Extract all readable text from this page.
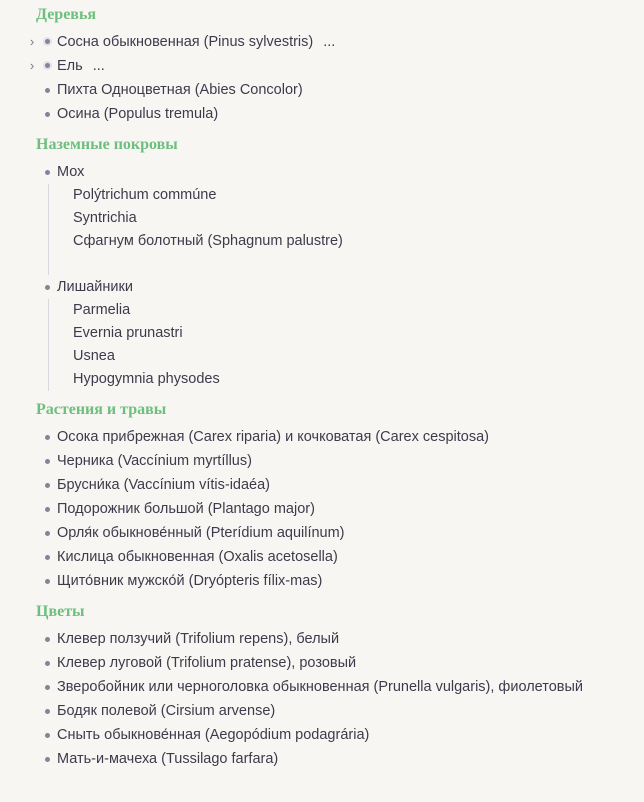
Деревья
› Сосна обыкновенная (Pinus sylvestris) ...
› Ель ...
Пихта Одноцветная (Abies Concolor)
Осина (Populus tremula)
Наземные покровы
Мох
Polýtrichum commúne
Syntrichia
Сфагнум болотный (Sphagnum palustre)
Лишайники
Parmelia
Evernia prunastri
Usnea
Hypogymnia physodes
Растения и травы
Осока прибрежная (Carex riparia) и кочковатая (Carex cespitosa)
Черника (Vaccínium myrtíllus)
Брусни́ка (Vaccínium vítis-idaéa)
Подорожник большой (Plantago major)
Орля́к обыкнове́нный (Pterídium aquilínum)
Кислица обыкновенная (Oxalis acetosella)
Щито́вник мужско́й (Dryópteris fílix-mas)
Цветы
Клевер ползучий (Trifolium repens), белый
Клевер луговой (Trifolium pratense), розовый
Зверобойник или черноголовка обыкновенная (Prunella vulgaris), фиолетовый
Бодяк полевой (Cirsium arvense)
Сныть обыкнове́нная (Aegopódium podagrária)
Мать-и-мачеха (Tussilago farfara)
